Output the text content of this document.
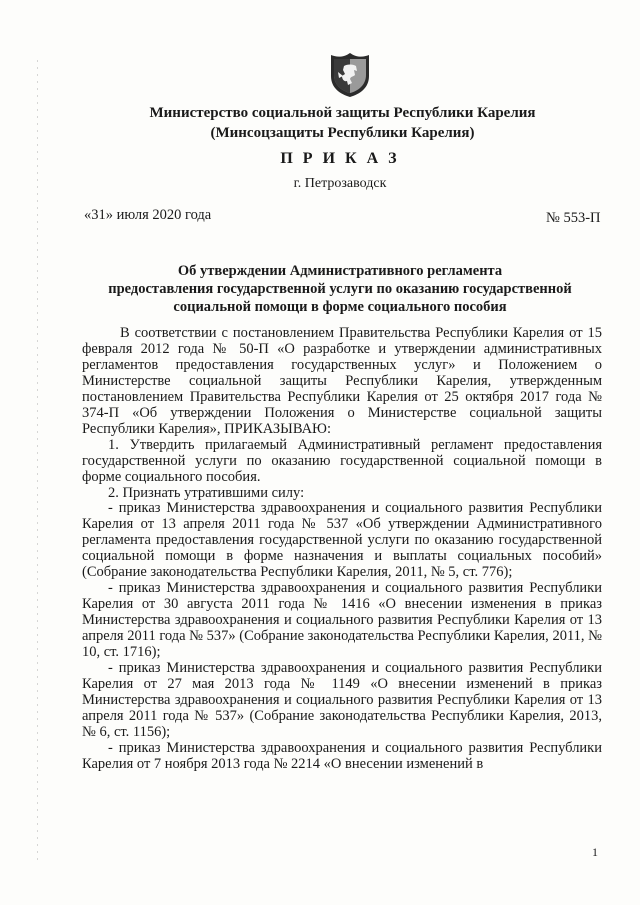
Министерство социальной защиты Республики Карелия
(Минсоцзащиты Республики Карелия)
П Р И К А З
г. Петрозаводск
«31» июля 2020 года	№ 553-П
Об утверждении Административного регламента
предоставления государственной услуги по оказанию государственной
социальной помощи в форме социального пособия

В соответствии с постановлением Правительства Республики Карелия от 15 февраля 2012 года № 50-П «О разработке и утверждении административных регламентов предоставления государственных услуг» и Положением о Министерстве социальной защиты Республики Карелия, утвержденным постановлением Правительства Республики Карелия от 25 октября 2017 года № 374-П «Об утверждении Положения о Министерстве социальной защиты Республики Карелия», ПРИКАЗЫВАЮ:

1. Утвердить прилагаемый Административный регламент предоставления государственной услуги по оказанию государственной социальной помощи в форме социального пособия.

2. Признать утратившими силу:

- приказ Министерства здравоохранения и социального развития Республики Карелия от 13 апреля 2011 года № 537 «Об утверждении Административного регламента предоставления государственной услуги по оказанию государственной социальной помощи в форме назначения и выплаты социальных пособий» (Собрание законодательства Республики Карелия, 2011, № 5, ст. 776);

- приказ Министерства здравоохранения и социального развития Республики Карелия от 30 августа 2011 года № 1416 «О внесении изменения в приказ Министерства здравоохранения и социального развития Республики Карелия от 13 апреля 2011 года № 537» (Собрание законодательства Республики Карелия, 2011, № 10, ст. 1716);

- приказ Министерства здравоохранения и социального развития Республики Карелия от 27 мая 2013 года № 1149 «О внесении изменений в приказ Министерства здравоохранения и социального развития Республики Карелия от 13 апреля 2011 года № 537» (Собрание законодательства Республики Карелия, 2013, № 6, ст. 1156);

- приказ Министерства здравоохранения и социального развития Республики Карелия от 7 ноября 2013 года № 2214 «О внесении изменений в

1
